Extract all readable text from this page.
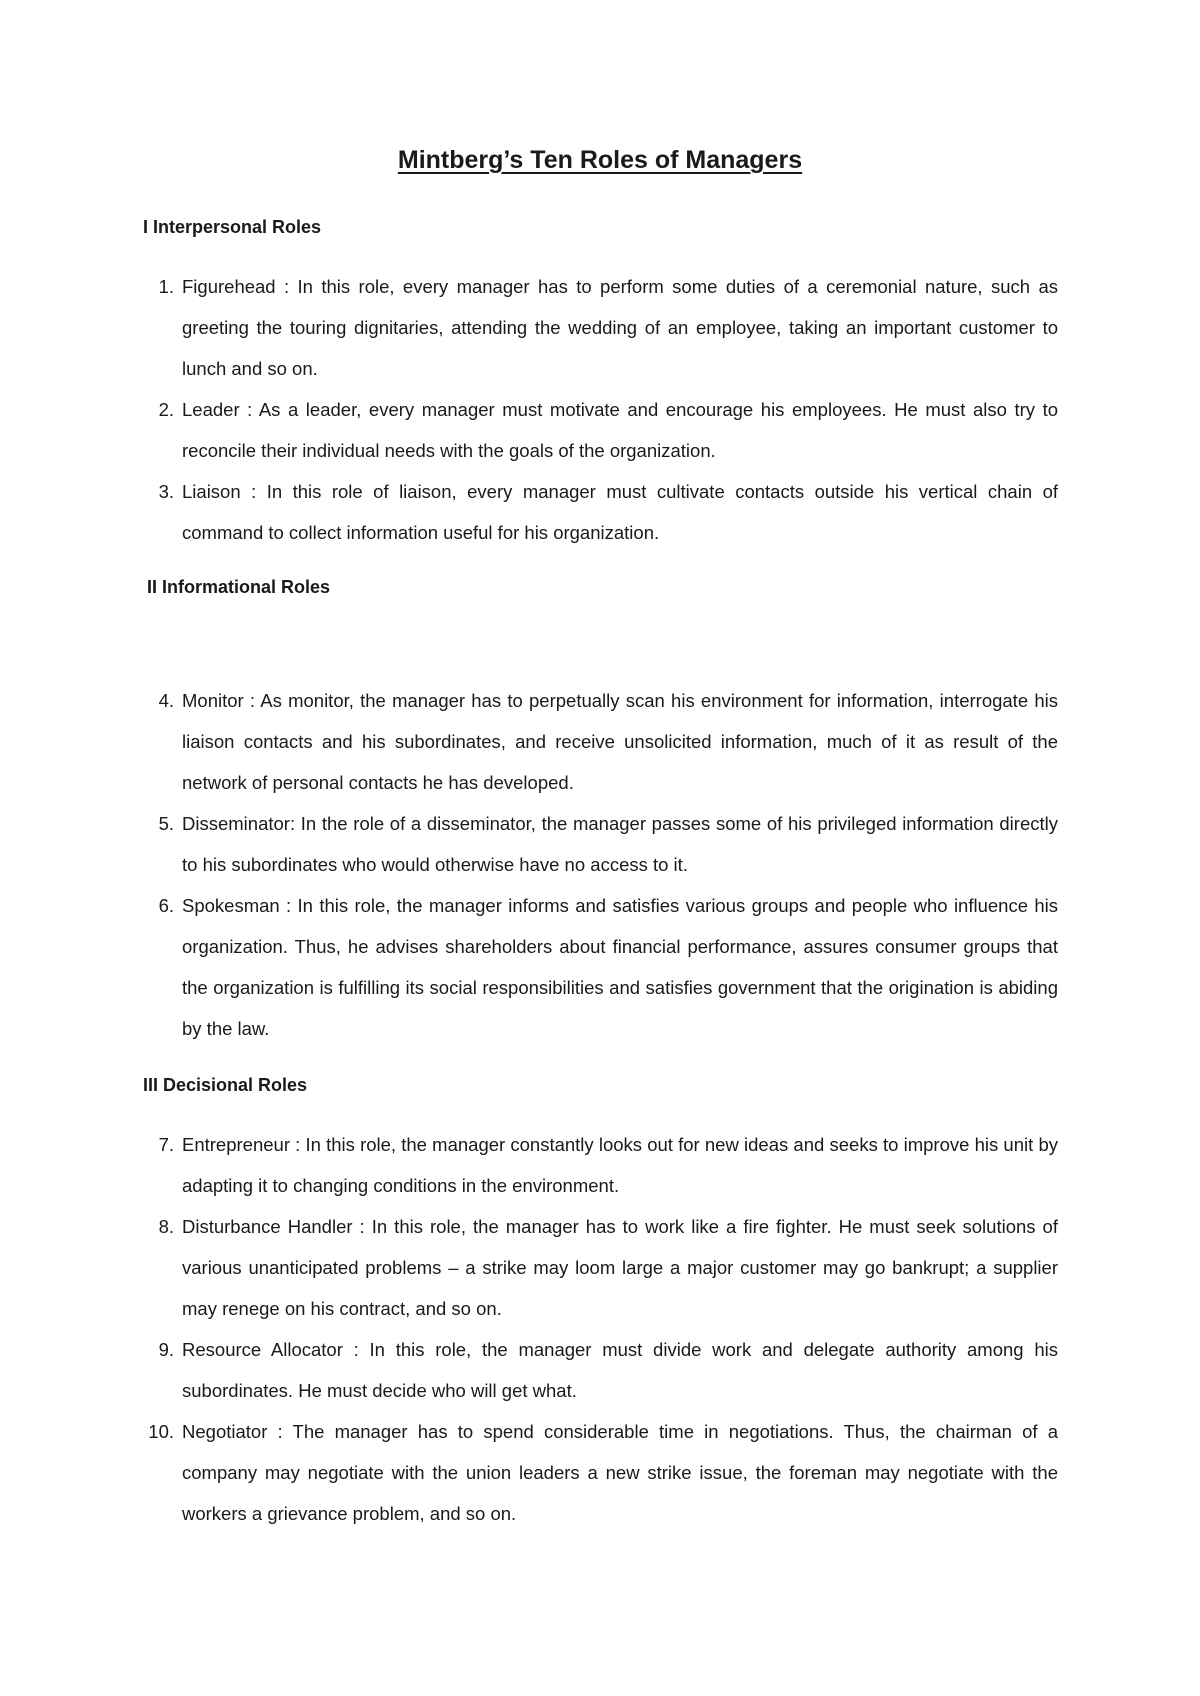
Mintberg’s Ten Roles of Managers
I Interpersonal Roles
1. Figurehead : In this role, every manager has to perform some duties of a ceremonial nature, such as greeting the touring dignitaries, attending the wedding of an employee, taking an important customer to lunch and so on.
2. Leader : As a leader, every manager must motivate and encourage his employees. He must also try to reconcile their individual needs with the goals of the organization.
3. Liaison : In this role of liaison, every manager must cultivate contacts outside his vertical chain of command to collect information useful for his organization.
II Informational Roles
4. Monitor : As monitor, the manager has to perpetually scan his environment for information, interrogate his liaison contacts and his subordinates, and receive unsolicited information, much of it as result of the network of personal contacts he has developed.
5. Disseminator: In the role of a disseminator, the manager passes some of his privileged information directly to his subordinates who would otherwise have no access to it.
6. Spokesman : In this role, the manager informs and satisfies various groups and people who influence his organization. Thus, he advises shareholders about financial performance, assures consumer groups that the organization is fulfilling its social responsibilities and satisfies government that the origination is abiding by the law.
III Decisional Roles
7. Entrepreneur : In this role, the manager constantly looks out for new ideas and seeks to improve his unit by adapting it to changing conditions in the environment.
8. Disturbance Handler : In this role, the manager has to work like a fire fighter. He must seek solutions of various unanticipated problems – a strike may loom large a major customer may go bankrupt; a supplier may renege on his contract, and so on.
9. Resource Allocator : In this role, the manager must divide work and delegate authority among his subordinates. He must decide who will get what.
10. Negotiator : The manager has to spend considerable time in negotiations. Thus, the chairman of a company may negotiate with the union leaders a new strike issue, the foreman may negotiate with the workers a grievance problem, and so on.
